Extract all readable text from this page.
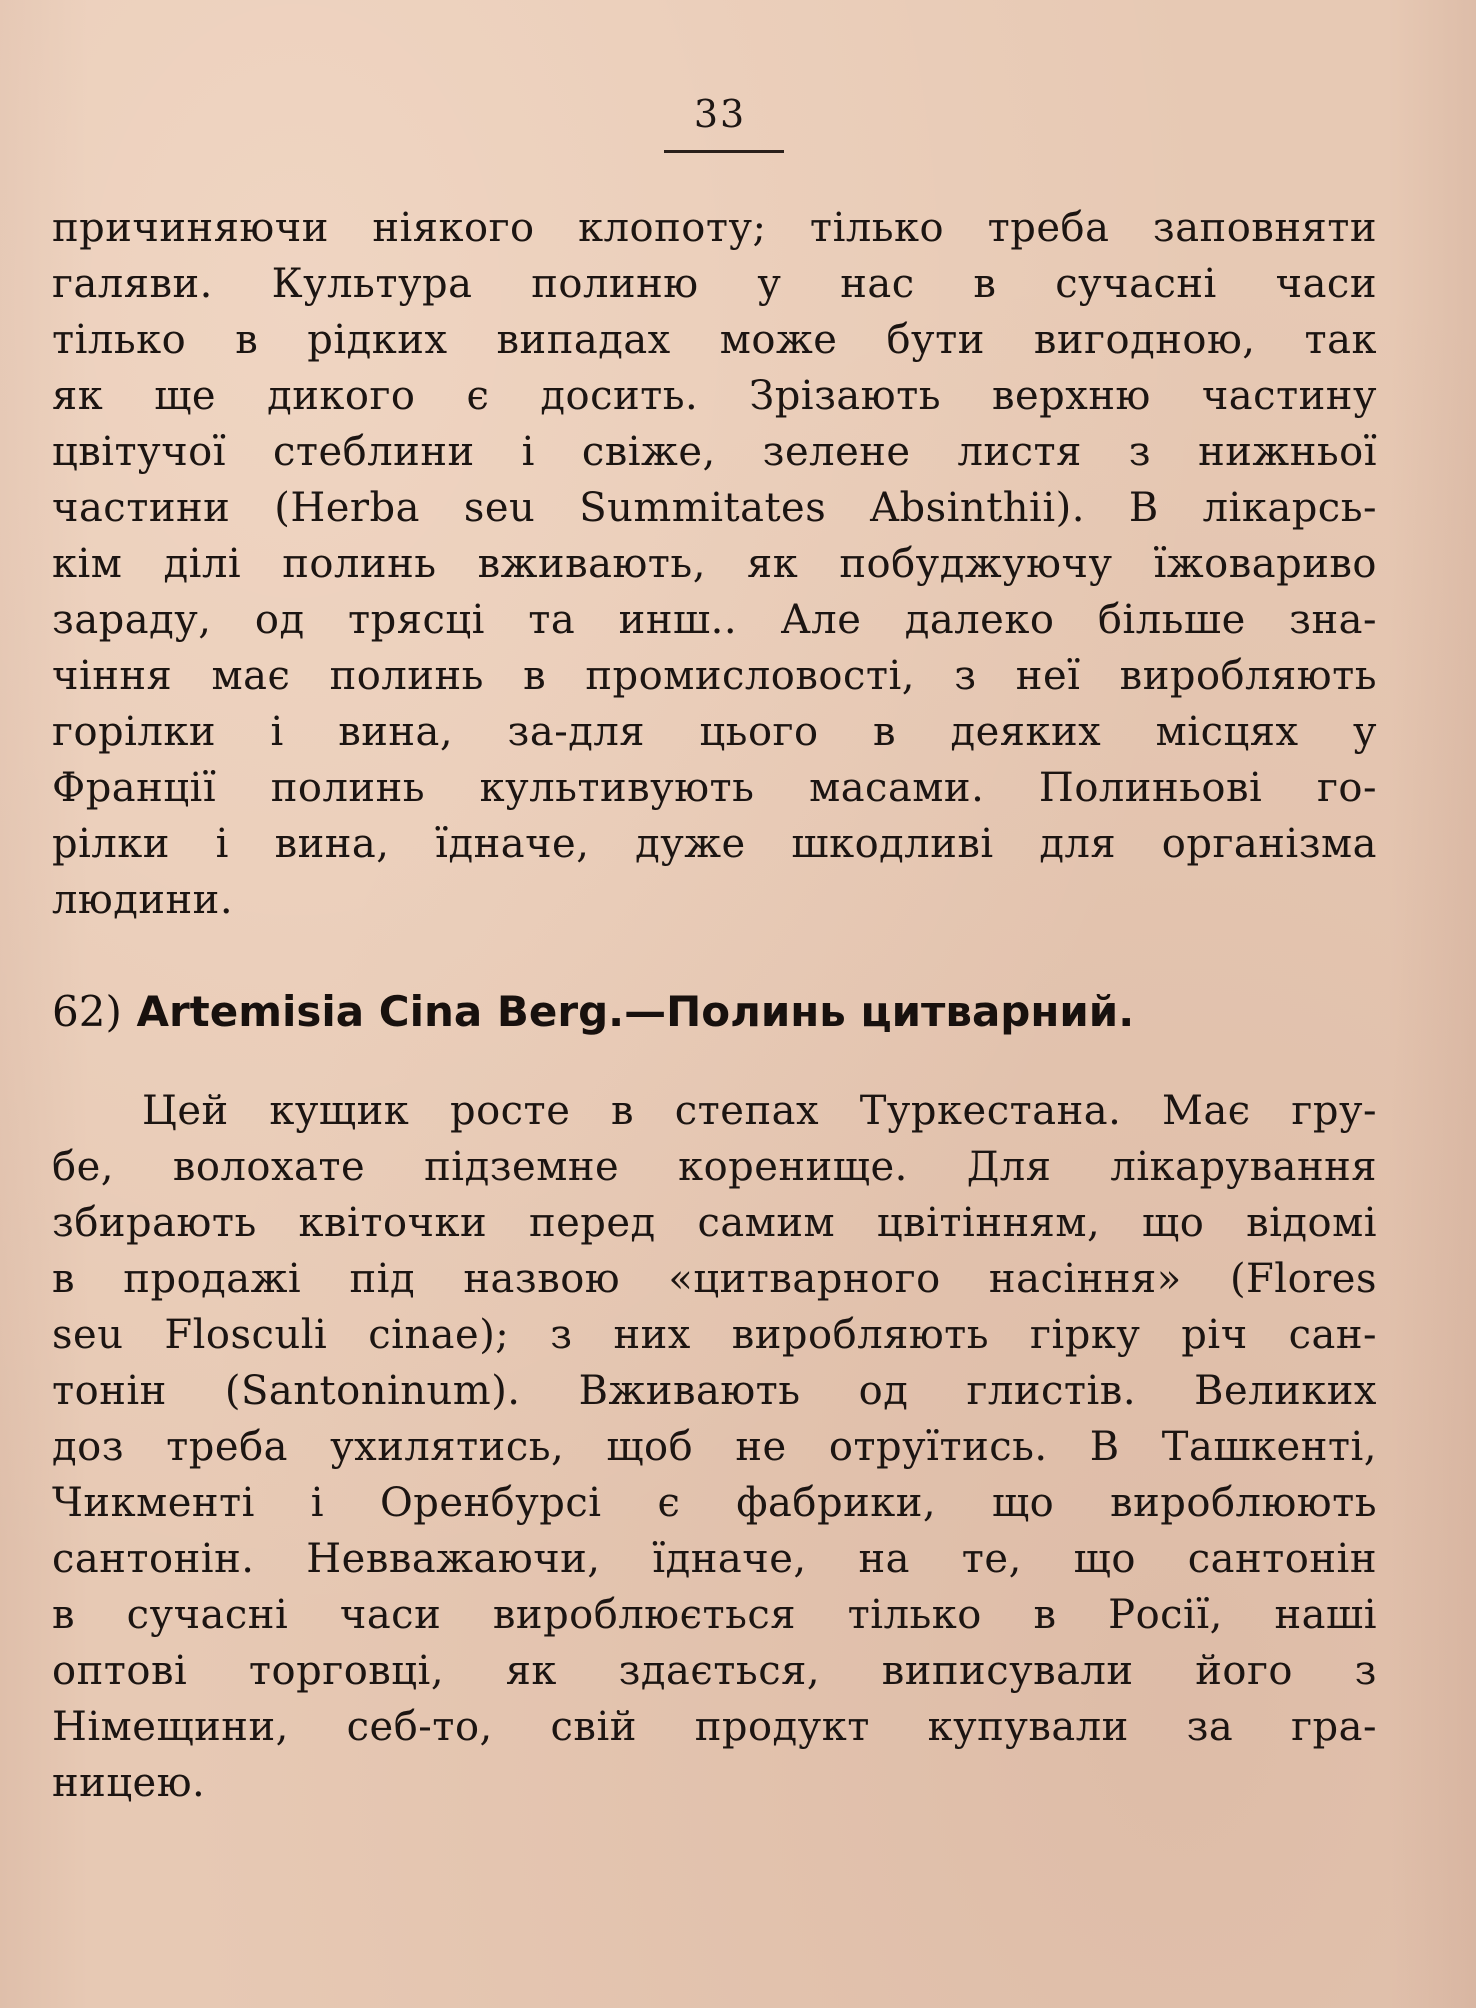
33
причиняючи ніякого клопоту; тілько треба заповняти
галяви. Культура полиню у нас в сучасні часи
тілько в рідких випадах може бути вигодною, так
як ще дикого є досить. Зрізають верхню частину
цвітучої стеблини і свіже, зелене листя з нижньої
частини (Herba seu Summitates Absinthii). В лікарсь-
кім ділі полинь вживають, як побуджуючу їжовариво
зараду, од трясці та инш.. Але далеко більше зна-
чіння має полинь в промисловості, з неї виробляють
горілки і вина, за-для цього в деяких місцях у
Франції полинь культивують масами. Полиньові го-
рілки і вина, їдначе, дуже шкодливі для організма
людини.
62) Artemisia Cina Berg.—Полинь цитварний.
Цей кущик росте в степах Туркестана. Має гру-
бе, волохате підземне коренище. Для лікарування
збирають квіточки перед самим цвітінням, що відомі
в продажі під назвою «цитварного насіння» (Flores
seu Flosculi cinae); з них виробляють гірку річ сан-
тонін (Santoninum). Вживають од глистів. Великих
доз треба ухилятись, щоб не отруїтись. В Ташкенті,
Чикменті і Оренбурсі є фабрики, що вироблюють
сантонін. Невважаючи, їдначе, на те, що сантонін
в сучасні часи вироблюється тілько в Росії, наші
оптові торговці, як здається, виписували його з
Німещини, себ-то, свій продукт купували за гра-
ницею.
